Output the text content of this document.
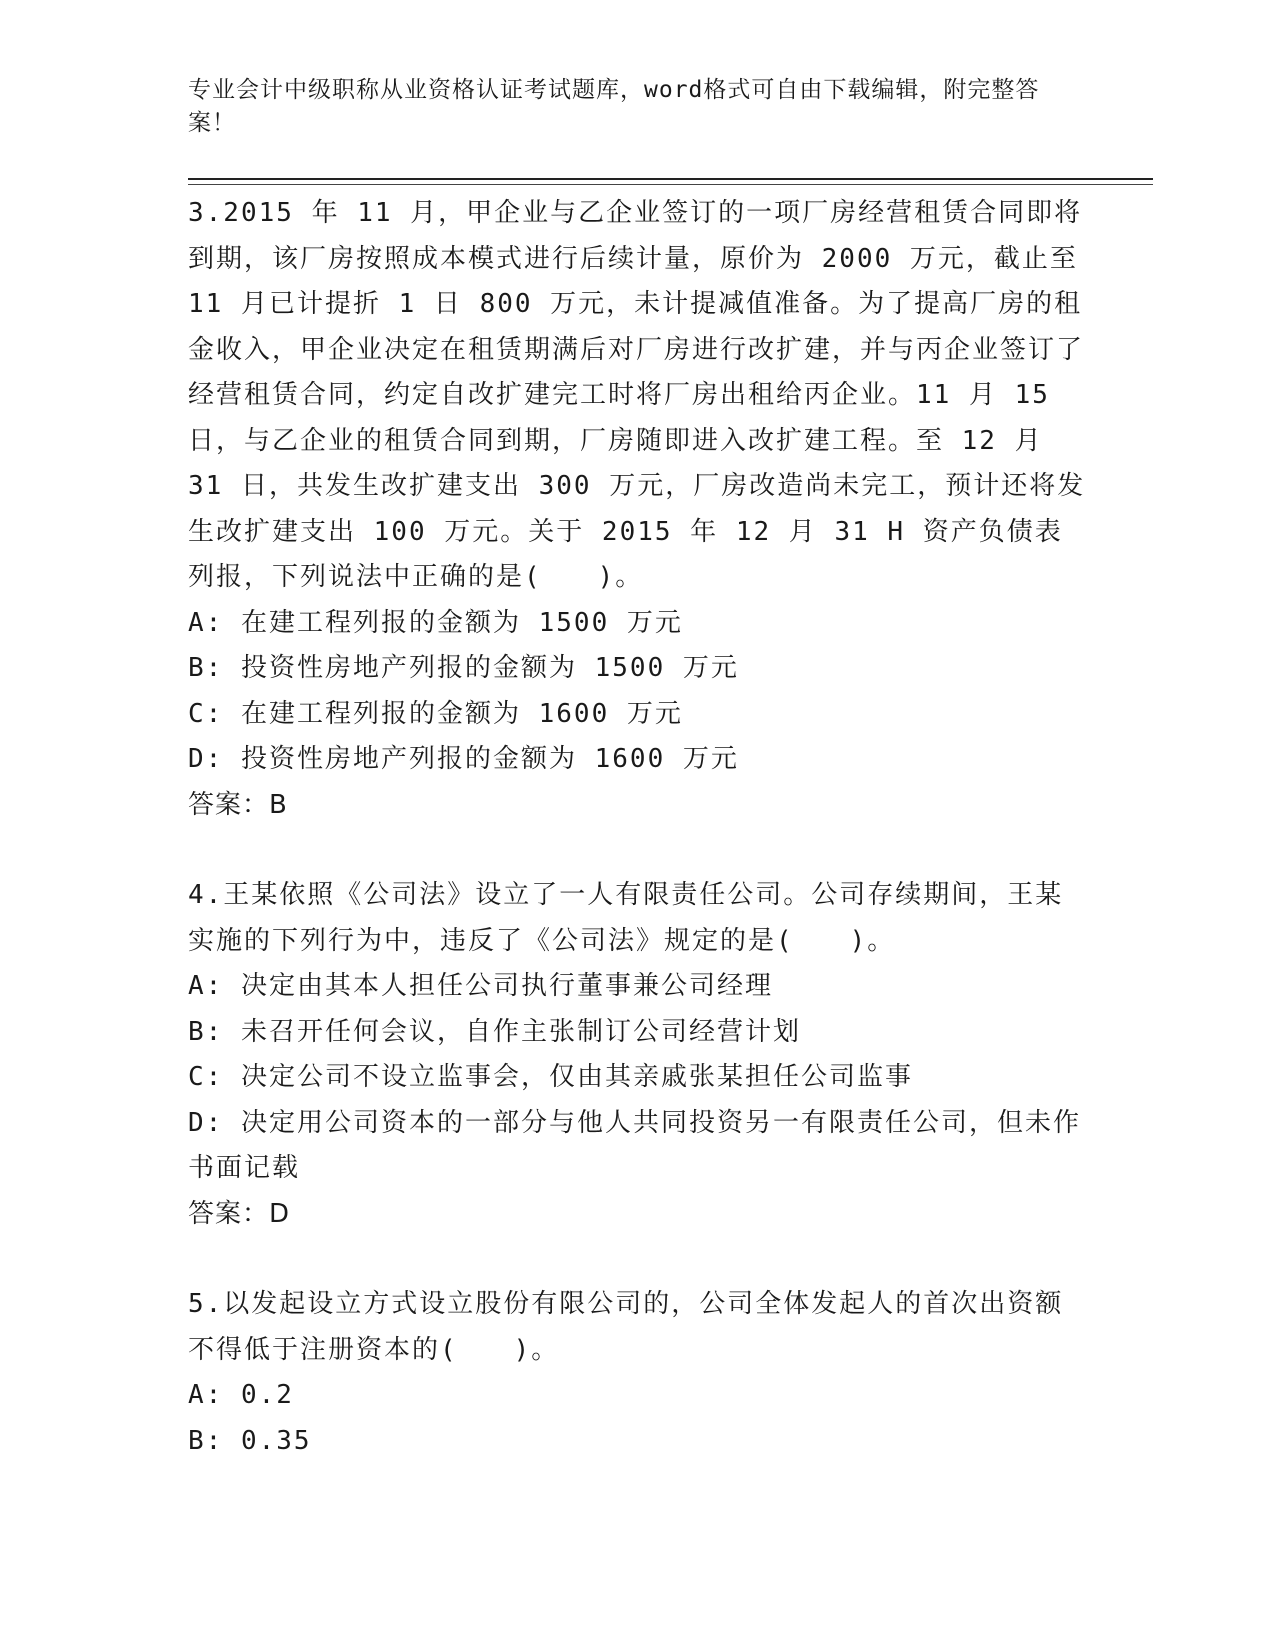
专业会计中级职称从业资格认证考试题库，word格式可自由下载编辑，附完整答案！
3.2015 年 11 月，甲企业与乙企业签订的一项厂房经营租赁合同即将到期，该厂房按照成本模式进行后续计量，原价为 2000 万元，截止至 11 月已计提折 1 日 800 万元，未计提减值准备。为了提高厂房的租金收入，甲企业决定在租赁期满后对厂房进行改扩建，并与丙企业签订了经营租赁合同，约定自改扩建完工时将厂房出租给丙企业。11 月 15 日，与乙企业的租赁合同到期，厂房随即进入改扩建工程。至 12 月 31 日，共发生改扩建支出 300 万元，厂房改造尚未完工，预计还将发生改扩建支出 100 万元。关于 2015 年 12 月 31 H 资产负债表列报，下列说法中正确的是(　　)。
A: 在建工程列报的金额为 1500 万元
B: 投资性房地产列报的金额为 1500 万元
C: 在建工程列报的金额为 1600 万元
D: 投资性房地产列报的金额为 1600 万元
答案：B
4.王某依照《公司法》设立了一人有限责任公司。公司存续期间，王某实施的下列行为中，违反了《公司法》规定的是(　　)。
A: 决定由其本人担任公司执行董事兼公司经理
B: 未召开任何会议，自作主张制订公司经营计划
C: 决定公司不设立监事会，仅由其亲戚张某担任公司监事
D: 决定用公司资本的一部分与他人共同投资另一有限责任公司，但未作书面记载
答案：D
5.以发起设立方式设立股份有限公司的，公司全体发起人的首次出资额不得低于注册资本的(　　)。
A: 0.2
B: 0.35
